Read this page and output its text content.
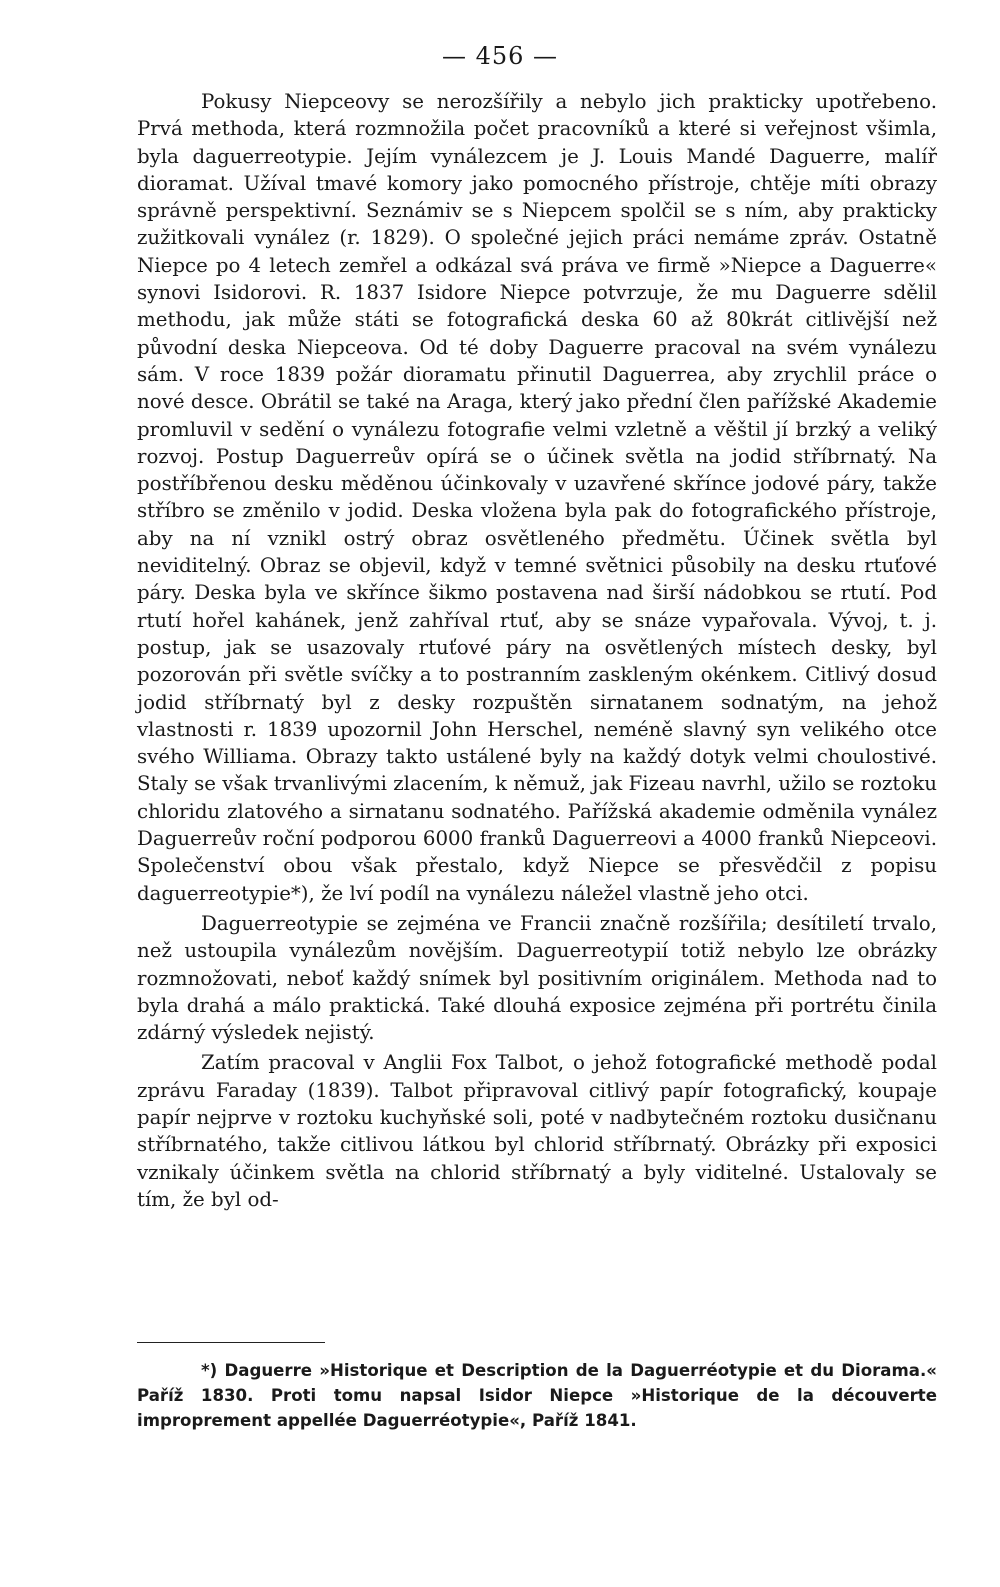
— 456 —

Pokusy Niepceovy se nerozšířily a nebylo jich prakticky upotřebeno. Prvá methoda, která rozmnožila počet pracovníků a které si veřejnost všimla, byla daguerreotypie. Jejím vynálezcem je J. Louis Mandé Daguerre, malíř dioramat. Užíval tmavé komory jako pomocného přístroje, chtěje míti obrazy správně perspektivní. Seznámiv se s Niepcem spolčil se s ním, aby prakticky zužitkovali vynález (r. 1829). O společné jejich práci nemáme zpráv. Ostatně Niepce po 4 letech zemřel a odkázal svá práva ve firmě »Niepce a Daguerre« synovi Isidorovi. R. 1837 Isidore Niepce potvrzuje, že mu Daguerre sdělil methodu, jak může státi se fotografická deska 60 až 80krát citlivější než původní deska Niepceova. Od té doby Daguerre pracoval na svém vynálezu sám. V roce 1839 požár dioramatu přinutil Daguerrea, aby zrychlil práce o nové desce. Obrátil se také na Araga, který jako přední člen pařížské Akademie promluvil v sedění o vynálezu fotografie velmi vzletně a věštil jí brzký a veliký rozvoj. Postup Daguerreův opírá se o účinek světla na jodid stříbrnatý. Na postříbřenou desku měděnou účinkovaly v uzavřené skřínce jodové páry, takže stříbro se změnilo v jodid. Deska vložena byla pak do fotografického přístroje, aby na ní vznikl ostrý obraz osvětleného předmětu. Účinek světla byl neviditelný. Obraz se objevil, když v temné světnici působily na desku rtuťové páry. Deska byla ve skřínce šikmo postavena nad širší nádobkou se rtutí. Pod rtutí hořel kahánek, jenž zahříval rtuť, aby se snáze vypařovala. Vývoj, t. j. postup, jak se usazovaly rtuťové páry na osvětlených místech desky, byl pozorován při světle svíčky a to postranním zaskleným okénkem. Citlivý dosud jodid stříbrnatý byl z desky rozpuštěn sirnatanem sodnatým, na jehož vlastnosti r. 1839 upozornil John Herschel, neméně slavný syn velikého otce svého Williama. Obrazy takto ustálené byly na každý dotyk velmi choulostivé. Staly se však trvanlivými zlacením, k němuž, jak Fizeau navrhl, užilo se roztoku chloridu zlatového a sirnatanu sodnatého. Pařížská akademie odměnila vynález Daguerreův roční podporou 6000 franků Daguerreovi a 4000 franků Niepceovi. Společenství obou však přestalo, když Niepce se přesvědčil z popisu daguerreotypie*), že lví podíl na vynálezu náležel vlastně jeho otci.

Daguerreotypie se zejména ve Francii značně rozšířila; desítiletí trvalo, než ustoupila vynálezům novějším. Daguerreotypií totiž nebylo lze obrázky rozmnožovati, neboť každý snímek byl positivním originálem. Methoda nad to byla drahá a málo praktická. Také dlouhá exposice zejména při portrétu činila zdárný výsledek nejistý.

Zatím pracoval v Anglii Fox Talbot, o jehož fotografické methodě podal zprávu Faraday (1839). Talbot připravoval citlivý papír fotografický, koupaje papír nejprve v roztoku kuchyňské soli, poté v nadbytečném roztoku dusičnanu stříbrnatého, takže citlivou látkou byl chlorid stříbrnatý. Obrázky při exposici vznikaly účinkem světla na chlorid stříbrnatý a byly viditelné. Ustalovaly se tím, že byl od-

*) Daguerre »Historique et Description de la Daguerréotypie et du Diorama.« Paříž 1830. Proti tomu napsal Isidor Niepce »Historique de la découverte improprement appellée Daguerréotypie«, Paříž 1841.
